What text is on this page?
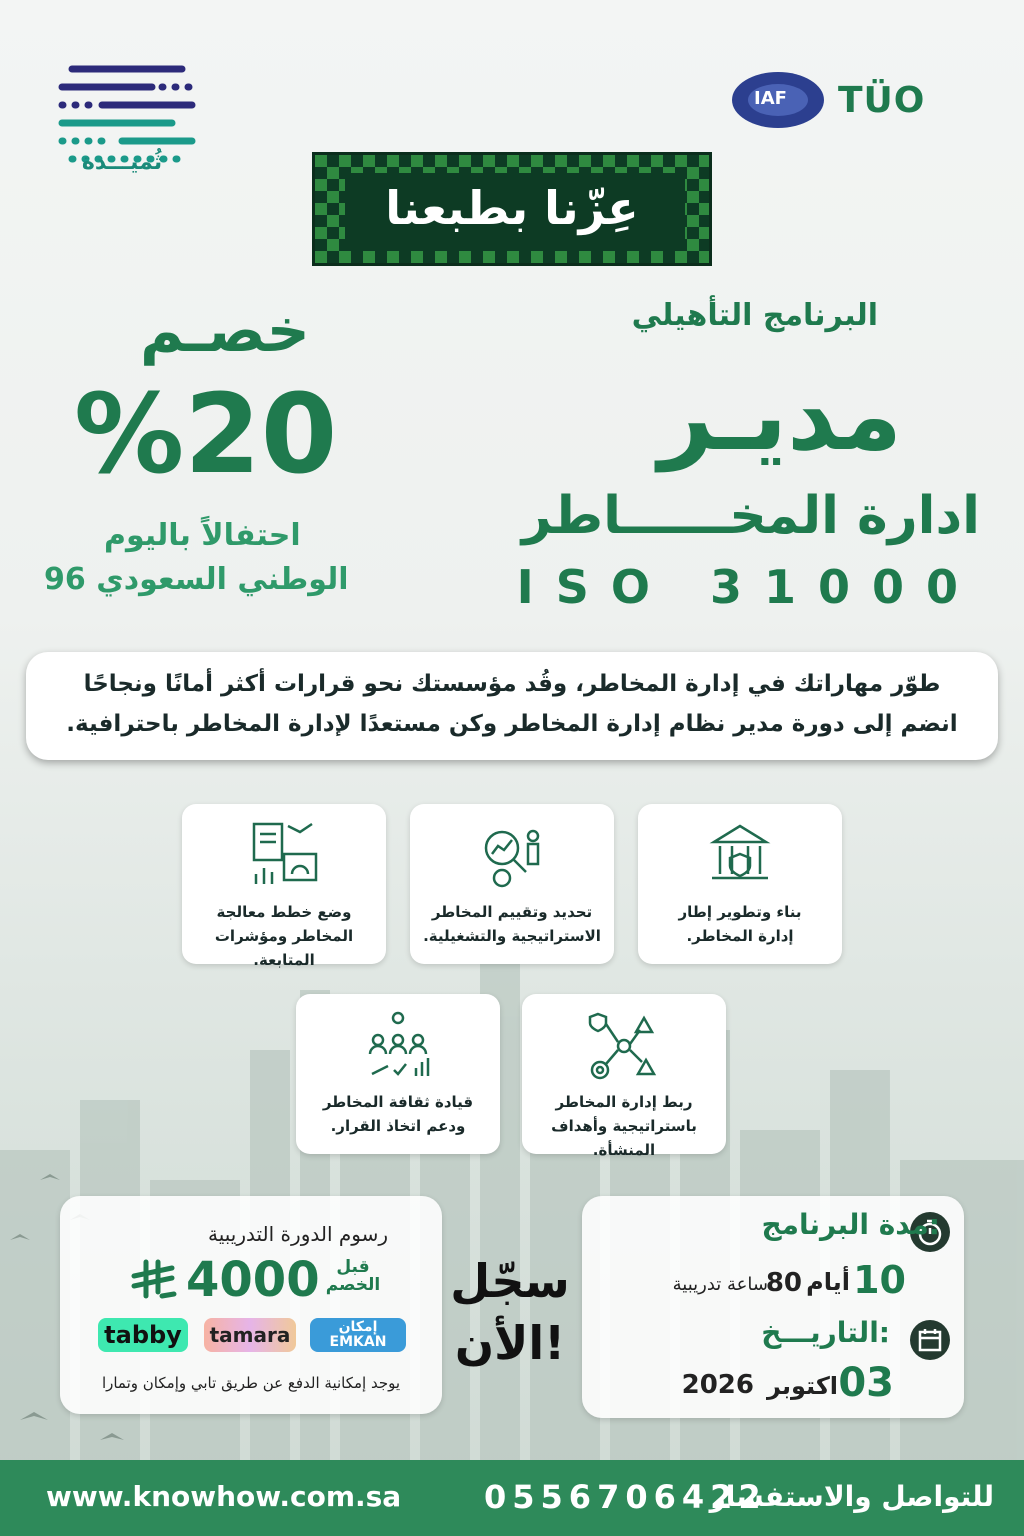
ثُميـــدة
IAF TÜO
عِزّنا بطبعنا
البرنامج التأهيلي
مديـر
ادارة المخــــــاطر
ISO 31000
خصـم
%20
احتفالاً باليوم
الوطني السعودي 96
طوّر مهاراتك في إدارة المخاطر، وقُد مؤسستك نحو قرارات أكثر أمانًا ونجاحًا
انضم إلى دورة مدير نظام إدارة المخاطر وكن مستعدًا لإدارة المخاطر باحترافية.
بناء وتطوير إطار
إدارة المخاطر.
تحديد وتقييم المخاطر
الاستراتيجية والتشغيلية.
وضع خطط معالجة
المخاطر ومؤشرات المتابعة.
ربط إدارة المخاطر
باستراتيجية وأهداف المنشأة.
قيادة ثقافة المخاطر
ودعم اتخاذ القرار.
رسوم الدورة التدريبية
قبل
الخصم
4000
tabby	tamara	إمكان EMKAN
يوجد إمكانية الدفع عن طريق تابي وإمكان وتمارا
سجّل
الأن!
مدة البرنامج:
10
أيام
80
ساعة تدريبية
التاريـــخ:
03
اكتوبر
2026
www.knowhow.com.sa	0556706422
للتواصل والاستفسار
